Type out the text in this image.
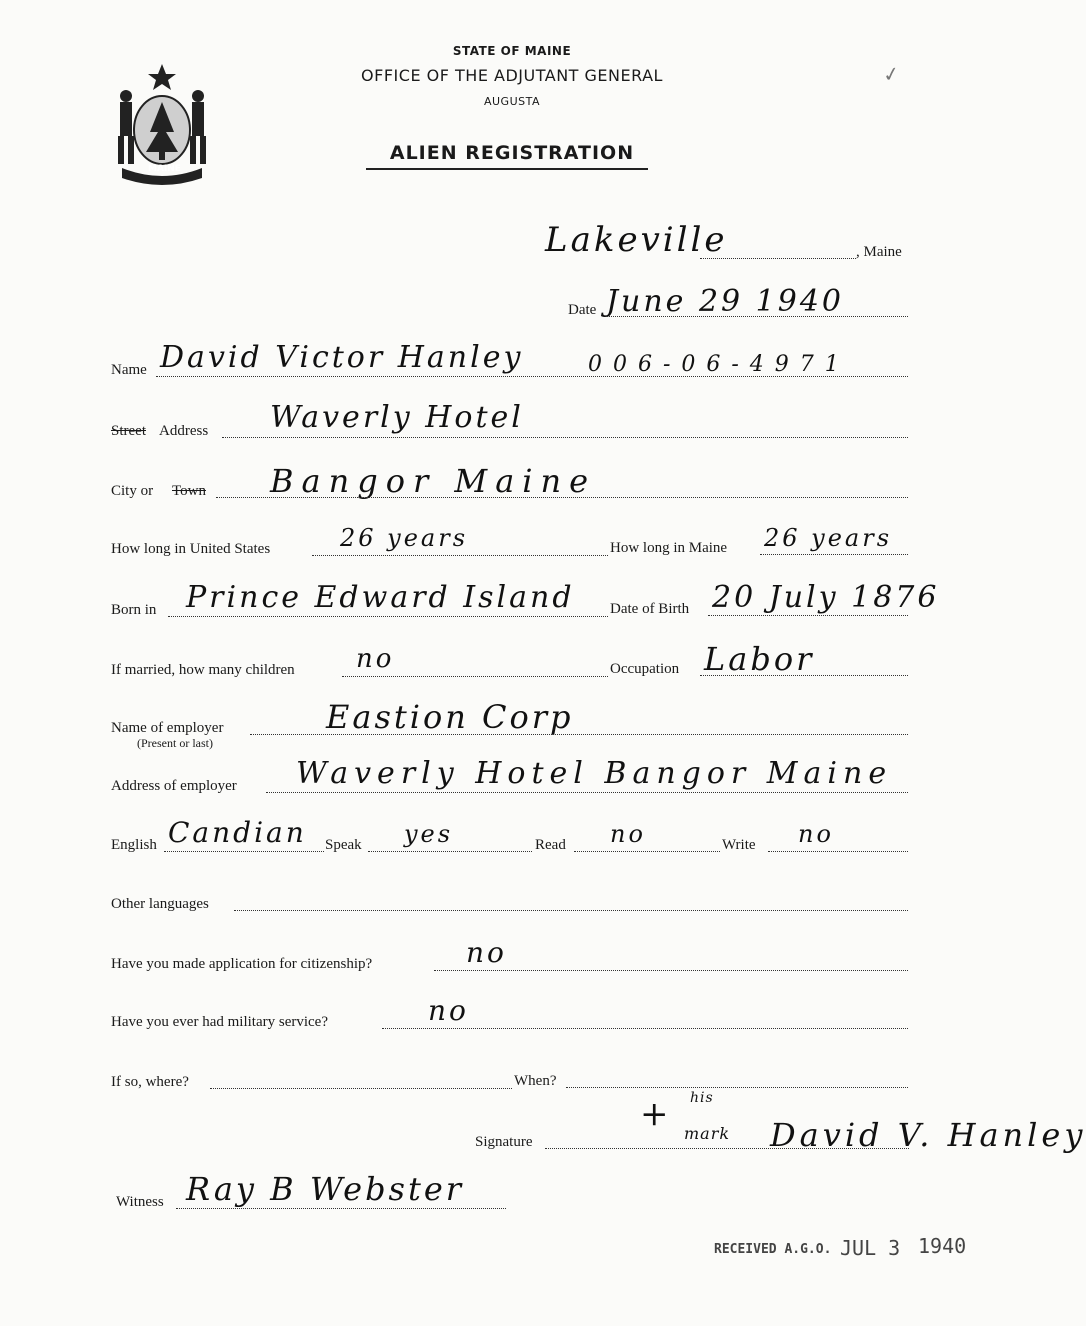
STATE OF MAINE
OFFICE OF THE ADJUTANT GENERAL
AUGUSTA
ALIEN REGISTRATION
MAINE
✓
Lakeville	, Maine
Date June 29 1940
Name David Victor Hanley	0 0 6 - 0 6 - 4 9 7 1
Street Address Waverly Hotel
City or Town Bangor Maine
How long in United States	26 years	How long in Maine 26 years
Born in Prince Edward Island Date of Birth 20 July 1876
If married, how many children no	Occupation Labor
Name of employer
(Present or last)
Eastion Corp
Address of employer Waverly Hotel Bangor Maine
English Candian Speak yes	Read no	Write no
Other languages
Have you made application for citizenship?	no
Have you ever had military service?	no
If so, where?	When?
Signature
+ his
mark David V. Hanley
Witness Ray B Webster
RECEIVED A.G.O. JUL 3 1940
